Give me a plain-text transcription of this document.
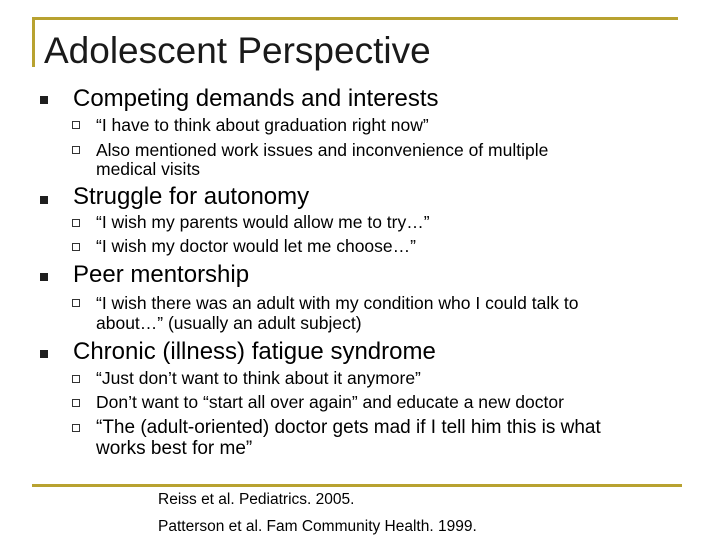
Adolescent Perspective
Competing demands and interests
“I have to think about graduation right now”
Also mentioned work issues and inconvenience of multiple
medical visits
Struggle for autonomy
“I wish my parents would allow me to try…”
“I wish my doctor would let me choose…”
Peer mentorship
“I wish there was an adult with my condition who I could talk to
about…” (usually an adult subject)
Chronic (illness) fatigue syndrome
“Just don’t want to think about it anymore”
Don’t want to “start all over again” and educate a new doctor
“The (adult-oriented) doctor gets mad if I tell him this is what
works best for me”
Reiss et al. Pediatrics. 2005.
Patterson et al. Fam Community Health. 1999.
